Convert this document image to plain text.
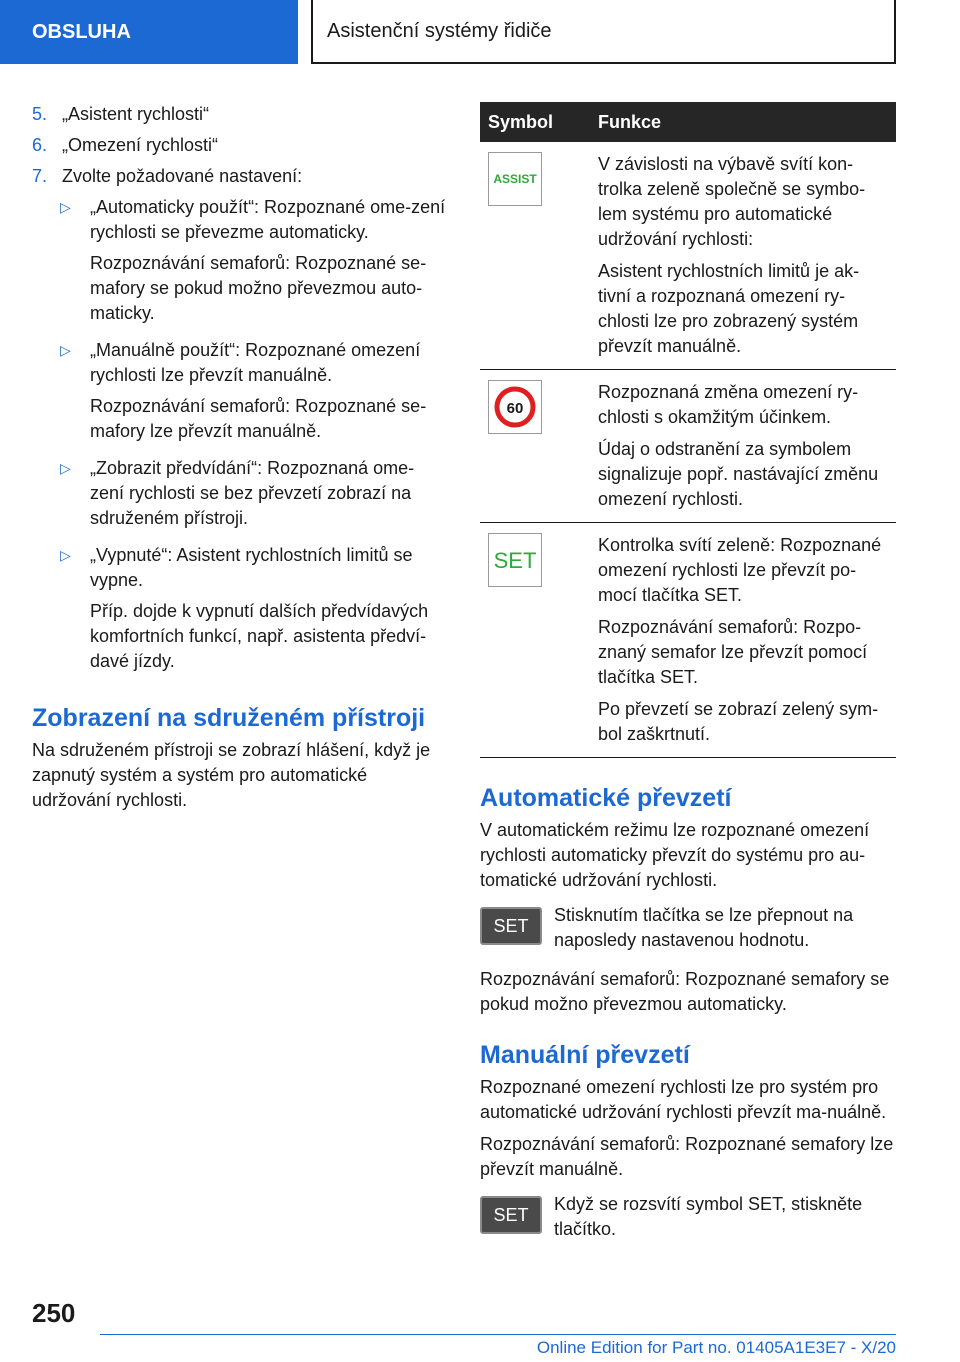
OBSLUHA	Asistenční systémy řidiče
5. „Asistent rychlosti“
6. „Omezení rychlosti“
7. Zvolte požadované nastavení:
▷	„Automaticky použít“: Rozpoznané ome-zení rychlosti se převezme automaticky.
Rozpoznávání semaforů: Rozpoznané se-mafory se pokud možno převezmou auto-maticky.
▷	„Manuálně použít“: Rozpoznané omezení rychlosti lze převzít manuálně.
Rozpoznávání semaforů: Rozpoznané se-mafory lze převzít manuálně.
▷	„Zobrazit předvídání“: Rozpoznaná ome-zení rychlosti se bez převzetí zobrazí na sdruženém přístroji.
▷	„Vypnuté“: Asistent rychlostních limitů se vypne.
Příp. dojde k vypnutí dalších předvídavých komfortních funkcí, např. asistenta předví-davé jízdy.
Zobrazení na sdruženém přístroji

Na sdruženém přístroji se zobrazí hlášení, když je zapnutý systém a systém pro automatické udržování rychlosti.

Symbol	Funkce

ASSIST	V závislosti na výbavě svítí kon-trolka zeleně společně se symbo-lem systému pro automatické udržování rychlosti:

Asistent rychlostních limitů je ak-tivní a rozpoznaná omezení ry-chlosti lze pro zobrazený systém převzít manuálně.

60	Rozpoznaná změna omezení ry-chlosti s okamžitým účinkem.

Údaj o odstranění za symbolem signalizuje popř. nastávající změnu omezení rychlosti.

SET	Kontrolka svítí zeleně: Rozpoznané omezení rychlosti lze převzít po-mocí tlačítka SET.

Rozpoznávání semaforů: Rozpo-znaný semafor lze převzít pomocí tlačítka SET.

Po převzetí se zobrazí zelený sym-bol zaškrtnutí.

Automatické převzetí

V automatickém režimu lze rozpoznané omezení rychlosti automaticky převzít do systému pro au-tomatické udržování rychlosti.

SET

Stisknutím tlačítka se lze přepnout na naposledy nastavenou hodnotu.

Rozpoznávání semaforů: Rozpoznané semafory se pokud možno převezmou automaticky.

Manuální převzetí

Rozpoznané omezení rychlosti lze pro systém pro automatické udržování rychlosti převzít ma-nuálně.

Rozpoznávání semaforů: Rozpoznané semafory lze převzít manuálně.

SET

Když se rozsvítí symbol SET, stiskněte tlačítko.

250
Online Edition for Part no. 01405A1E3E7 - X/20
